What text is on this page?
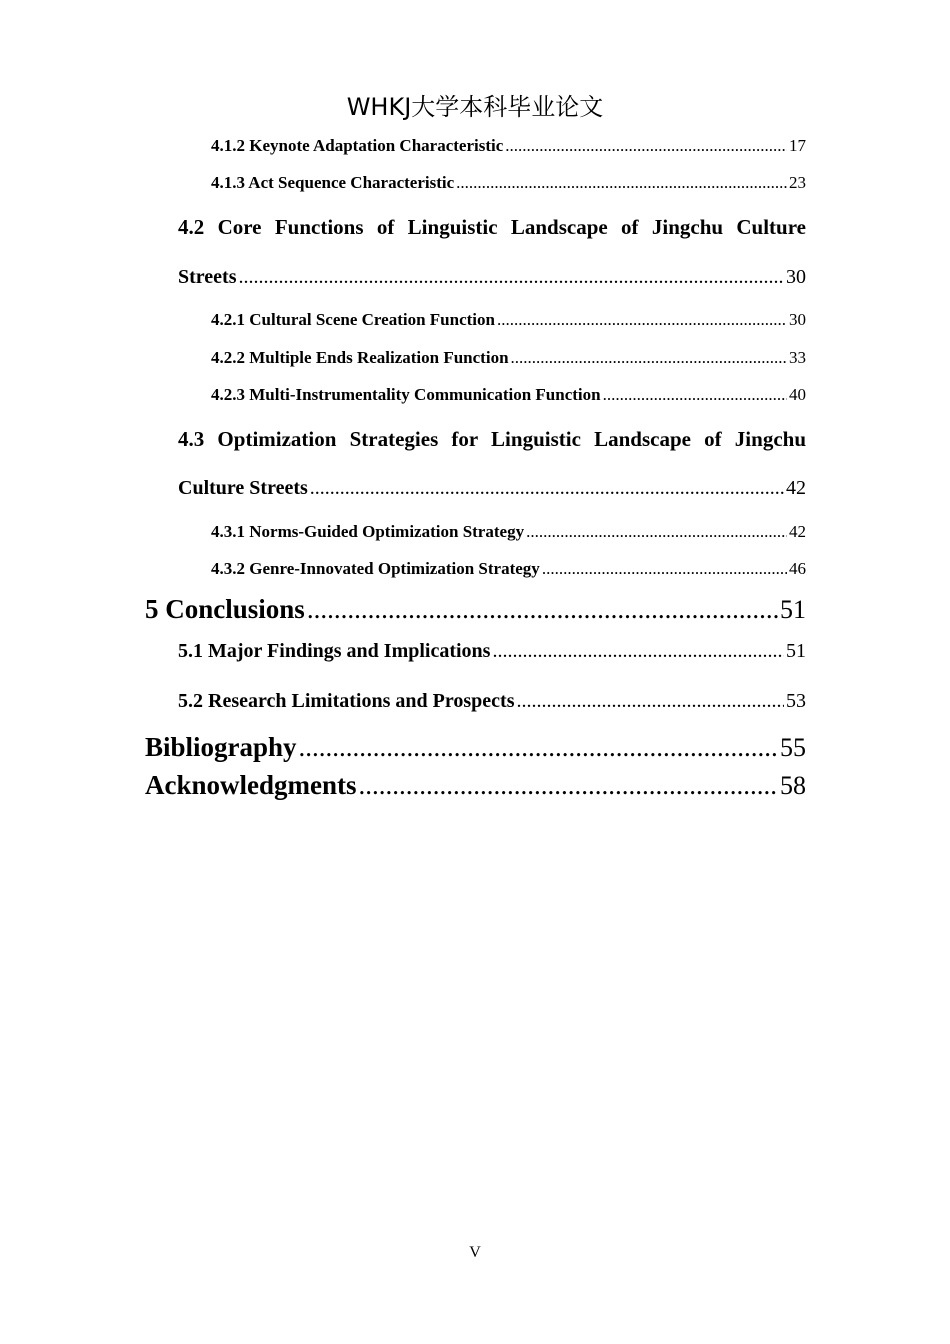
WHKJ大学本科毕业论文
4.1.2 Keynote Adaptation Characteristic .....	17
4.1.3 Act Sequence Characteristic .....	23
4.2 Core Functions of Linguistic Landscape of Jingchu Culture
Streets .....	30
4.2.1 Cultural Scene Creation Function .....	30
4.2.2 Multiple Ends Realization Function .....	33
4.2.3 Multi-Instrumentality Communication Function .....	40
4.3 Optimization Strategies for Linguistic Landscape of Jingchu
Culture Streets .....	42
4.3.1 Norms-Guided Optimization Strategy .....	42
4.3.2 Genre-Innovated Optimization Strategy .....	46
5 Conclusions .....	51
5.1 Major Findings and Implications .....	51
5.2 Research Limitations and Prospects .....	53
Bibliography .....	55
Acknowledgments .....	58
V
